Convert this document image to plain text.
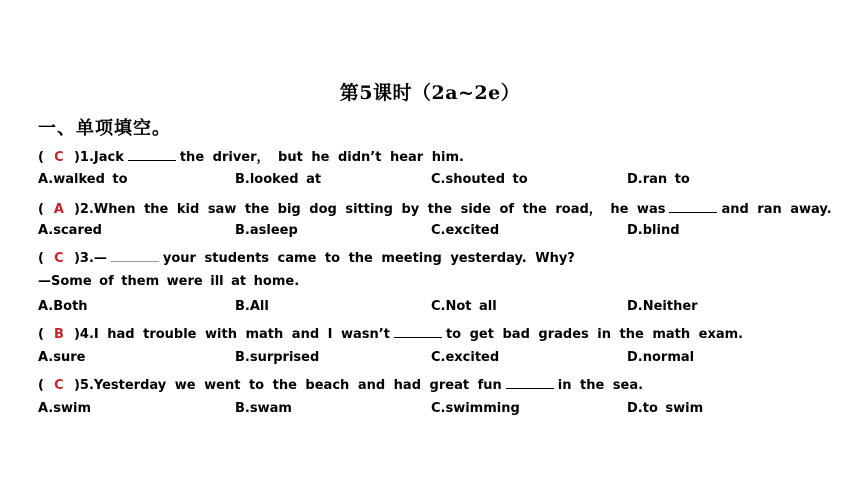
第5课时（2a~2e）
一、单项填空。
( C )1.Jack	the driver， but he didn’t hear him.
A.walked to	B.looked at	C.shouted to	D.ran to
( A )2.When the kid saw the big dog sitting by the side of the road， he was	and ran away.
A.scared	B.asleep	C.excited	D.blind
( C )3.—	your students came to the meeting yesterday. Why?
—Some of them were ill at home.
A.Both	B.All	C.Not all	D.Neither
( B )4.I had trouble with math and I wasn’t	to get bad grades in the math exam.
A.sure	B.surprised	C.excited	D.normal
( C )5.Yesterday we went to the beach and had great fun	in the sea.
A.swim	B.swam	C.swimming	D.to swim
